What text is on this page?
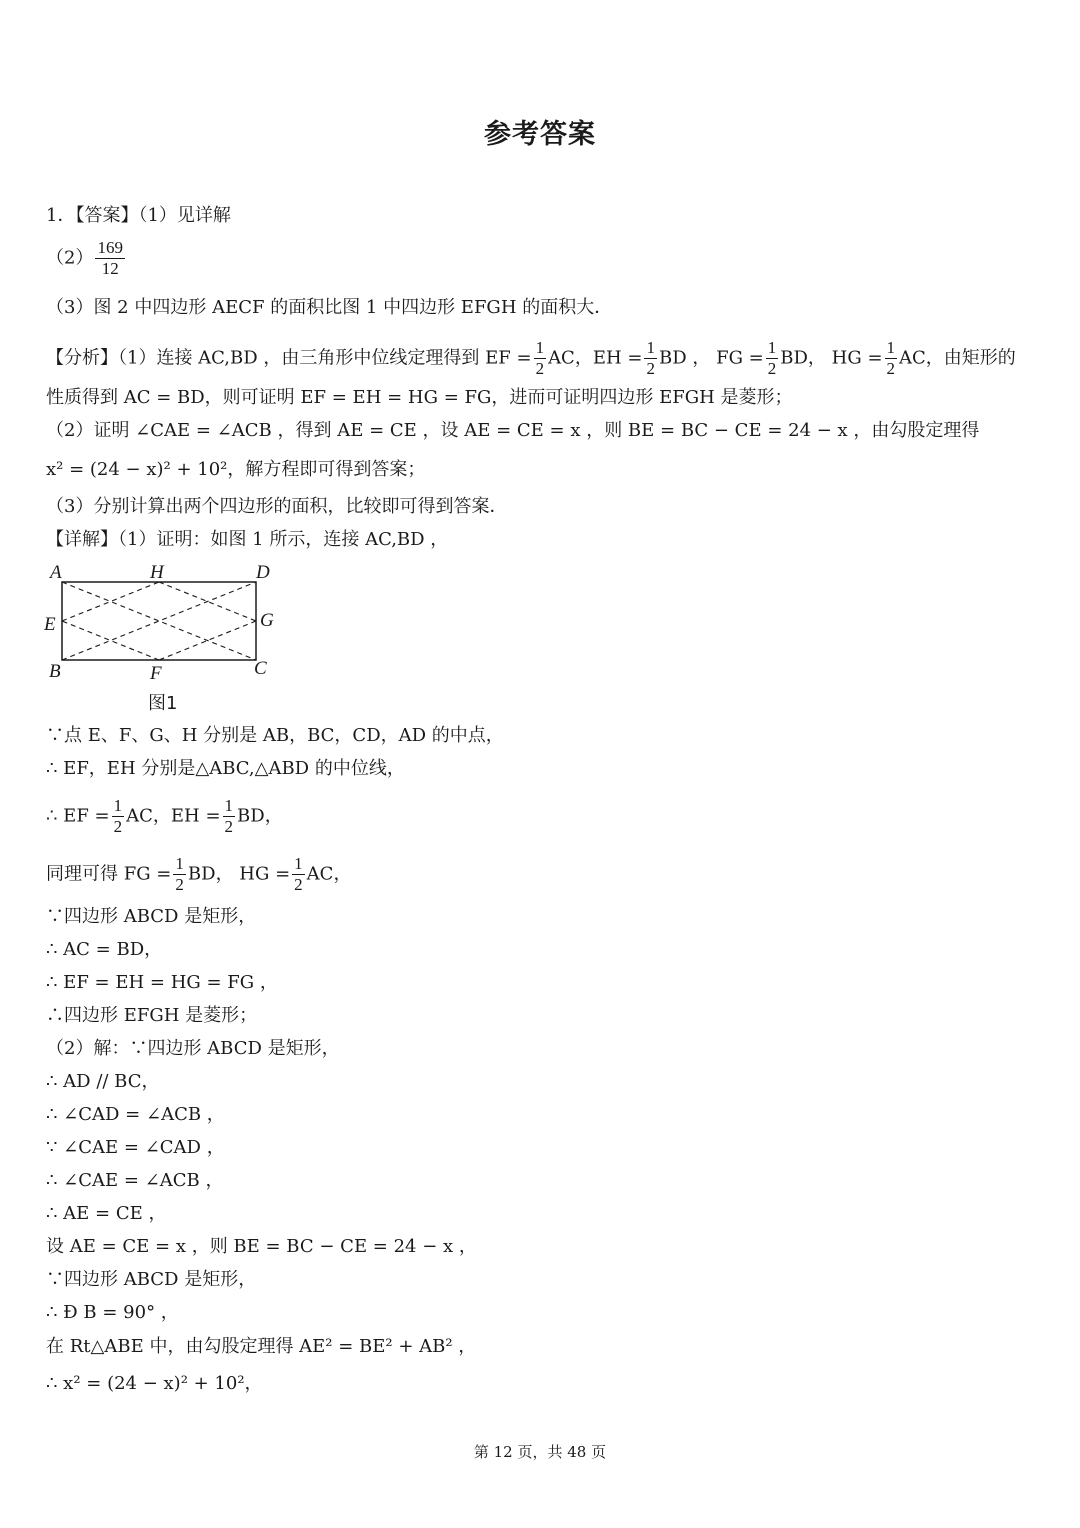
参考答案
1．【答案】（1）见详解
$(2) \frac{169}{12}$
（3）图 2 中四边形 AECF 的面积比图 1 中四边形 EFGH 的面积大．
【分析】（1）连接 AC,BD ，由三角形中位线定理得到 EF = $\frac{1}{2}$ AC，EH = $\frac{1}{2}$ BD ， FG = $\frac{1}{2}$ BD， HG = $\frac{1}{2}$ AC，由矩形的
性质得到 AC = BD，则可证明 EF = EH = HG = FG，进而可证明四边形 EFGH 是菱形；
（2）证明 ∠CAE = ∠ACB ，得到 AE = CE ，设 AE = CE = x ，则 BE = BC − CE = 24 − x ，由勾股定理得
x² = (24 − x)² + 10²，解方程即可得到答案；
（3）分别计算出两个四边形的面积，比较即可得到答案．
【详解】（1）证明：如图 1 所示，连接 AC,BD ，
A	H	D
E	G
B	F	C
图1
∵点 E、F、G、H 分别是 AB，BC，CD，AD 的中点，
∴ EF，EH 分别是△ABC,△ABD 的中位线，
∴ EF = $\frac{1}{2}$ AC，EH = $\frac{1}{2}$ BD，
同理可得 FG = $\frac{1}{2}$ BD， HG = $\frac{1}{2}$ AC，
∵四边形 ABCD 是矩形，
∴ AC = BD，
∴ EF = EH = HG = FG ，
∴四边形 EFGH 是菱形；
（2）解：∵四边形 ABCD 是矩形，
∴ AD // BC，
∴ ∠CAD = ∠ACB ，
∵ ∠CAE = ∠CAD ，
∴ ∠CAE = ∠ACB ，
∴ AE = CE ，
设 AE = CE = x ，则 BE = BC − CE = 24 − x ，
∵四边形 ABCD 是矩形，
∴ Ð B = 90° ，
在 Rt△ABE 中，由勾股定理得 AE² = BE² + AB² ，
∴ x² = (24 − x)² + 10²，
第 12 页，共 48 页
